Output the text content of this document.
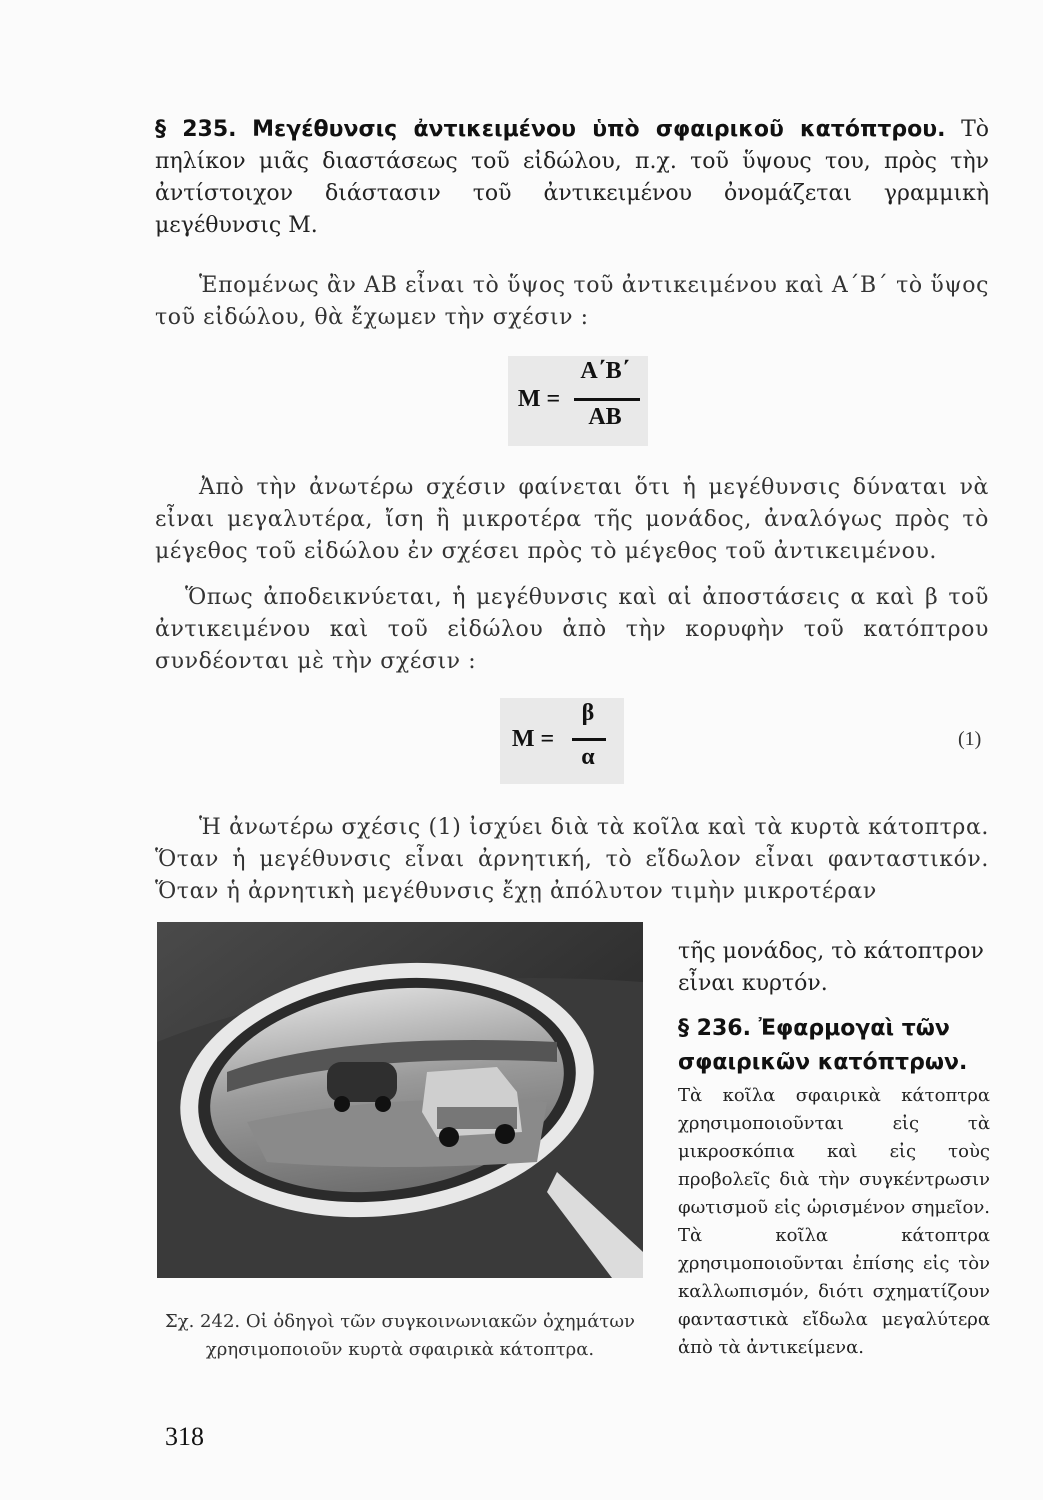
§ 235. Μεγέθυνσις ἀντικειμένου ὑπὸ σφαιρικοῦ κατόπτρου. Τὸ πηλίκον μιᾶς διαστάσεως τοῦ εἰδώλου, π.χ. τοῦ ὕψους του, πρὸς τὴν ἀντίστοιχον διάστασιν τοῦ ἀντικειμένου ὀνομάζεται γραμμικὴ μεγέθυνσις Μ.

Ἑπομένως ἂν ΑΒ εἶναι τὸ ὕψος τοῦ ἀντικειμένου καὶ Α΄Β΄ τὸ ὕψος τοῦ εἰδώλου, θὰ ἔχωμεν τὴν σχέσιν :

M =
A΄B΄
AB

Ἀπὸ τὴν ἀνωτέρω σχέσιν φαίνεται ὅτι ἡ μεγέθυνσις δύναται νὰ εἶναι μεγαλυτέρα, ἴση ἢ μικροτέρα τῆς μονάδος, ἀναλόγως πρὸς τὸ μέγεθος τοῦ εἰδώλου ἐν σχέσει πρὸς τὸ μέγεθος τοῦ ἀντικειμένου.

Ὅπως ἀποδεικνύεται, ἡ μεγέθυνσις καὶ αἱ ἀποστάσεις α καὶ β τοῦ ἀντικειμένου καὶ τοῦ εἰδώλου ἀπὸ τὴν κορυφὴν τοῦ κατόπτρου συνδέονται μὲ τὴν σχέσιν :

M =
β
α
(1)

Ἡ ἀνωτέρω σχέσις (1) ἰσχύει διὰ τὰ κοῖλα καὶ τὰ κυρτὰ κάτοπτρα. Ὅταν ἡ μεγέθυνσις εἶναι ἀρνητική, τὸ εἴδωλον εἶναι φανταστικόν. Ὅταν ἡ ἀρνητικὴ μεγέθυνσις ἔχῃ ἀπόλυτον τιμὴν μικροτέραν

τῆς μονάδος, τὸ κάτοπτρον εἶναι κυρτόν.

Σχ. 242. Οἱ ὁδηγοὶ τῶν συγκοινωνιακῶν ὀχημάτων χρησιμοποιοῦν κυρτὰ σφαιρικὰ κάτοπτρα.

§ 236. Ἐφαρμογαὶ τῶν σφαιρικῶν κατόπτρων.

Τὰ κοῖλα σφαιρικὰ κάτοπτρα χρησιμοποιοῦνται εἰς τὰ μικροσκόπια καὶ εἰς τοὺς προβολεῖς διὰ τὴν συγκέντρωσιν φωτισμοῦ εἰς ὡρισμένον σημεῖον. Τὰ κοῖλα κάτοπτρα χρησιμοποιοῦνται ἐπίσης εἰς τὸν καλλωπισμόν, διότι σχηματίζουν φανταστικὰ εἴδωλα μεγαλύτερα ἀπὸ τὰ ἀντικείμενα.

318
